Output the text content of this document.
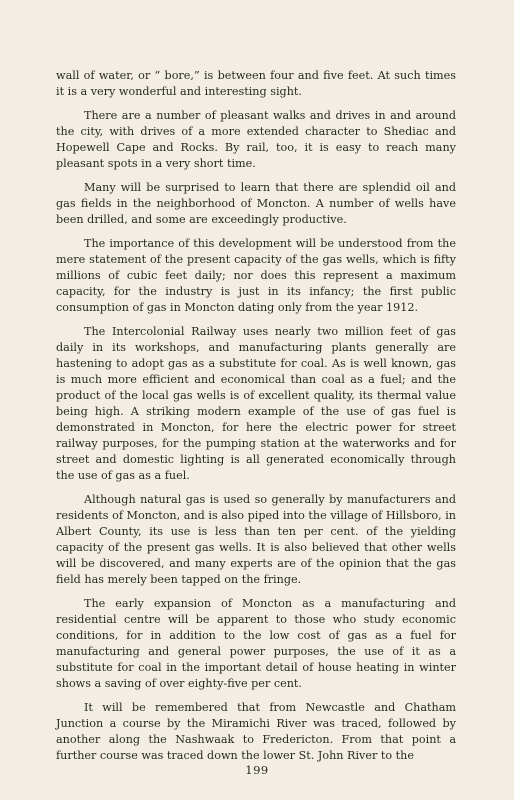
wall of water, or “ bore,” is between four and five feet. At such times it is a very wonderful and interesting sight.

There are a number of pleasant walks and drives in and around the city, with drives of a more extended character to Shediac and Hopewell Cape and Rocks. By rail, too, it is easy to reach many pleasant spots in a very short time.

Many will be surprised to learn that there are splendid oil and gas fields in the neighborhood of Moncton. A number of wells have been drilled, and some are exceedingly productive.

The importance of this development will be understood from the mere statement of the present capacity of the gas wells, which is fifty millions of cubic feet daily; nor does this represent a maximum capacity, for the industry is just in its infancy; the first public consumption of gas in Moncton dating only from the year 1912.

The Intercolonial Railway uses nearly two million feet of gas daily in its workshops, and manufacturing plants generally are hastening to adopt gas as a substitute for coal. As is well known, gas is much more efficient and economical than coal as a fuel; and the product of the local gas wells is of excellent quality, its thermal value being high. A striking modern example of the use of gas fuel is demonstrated in Moncton, for here the electric power for street railway purposes, for the pumping station at the waterworks and for street and domestic lighting is all generated economically through the use of gas as a fuel.

Although natural gas is used so generally by manufacturers and residents of Moncton, and is also piped into the village of Hillsboro, in Albert County, its use is less than ten per cent. of the yielding capacity of the present gas wells. It is also believed that other wells will be discovered, and many experts are of the opinion that the gas field has merely been tapped on the fringe.

The early expansion of Moncton as a manufacturing and residential centre will be apparent to those who study economic conditions, for in addition to the low cost of gas as a fuel for manufacturing and general power purposes, the use of it as a substitute for coal in the important detail of house heating in winter shows a saving of over eighty-five per cent.

It will be remembered that from Newcastle and Chatham Junction a course by the Miramichi River was traced, followed by another along the Nashwaak to Fredericton. From that point a further course was traced down the lower St. John River to the

199
